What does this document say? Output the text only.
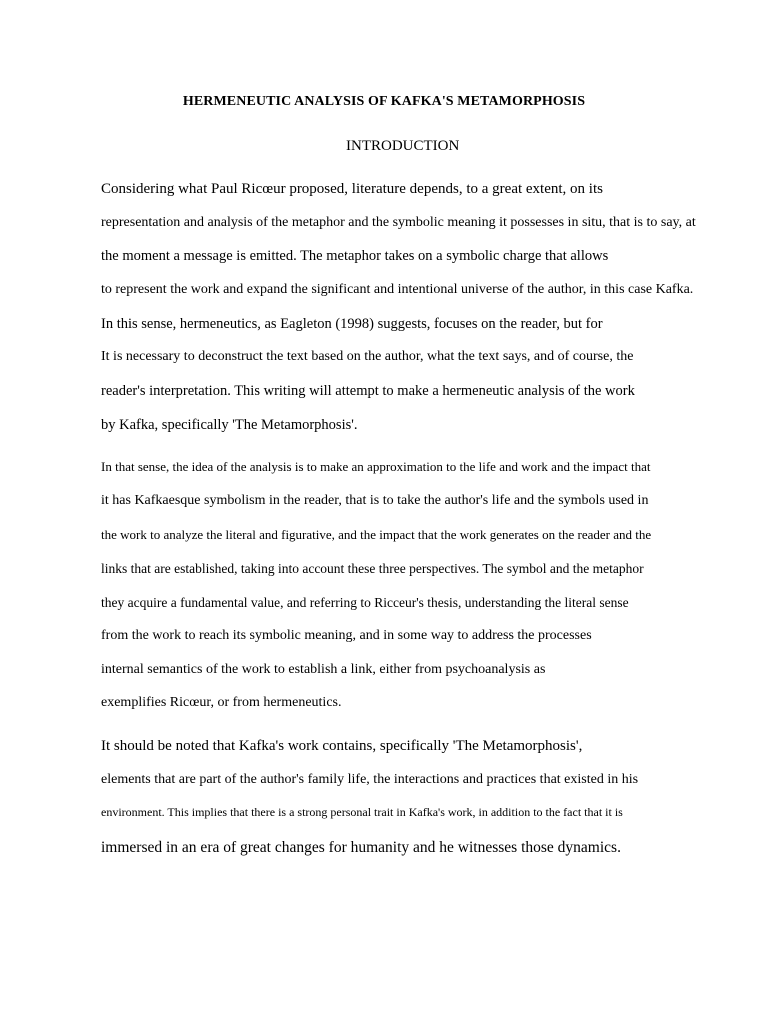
HERMENEUTIC ANALYSIS OF KAFKA'S METAMORPHOSIS
INTRODUCTION
Considering what Paul Ricœur proposed, literature depends, to a great extent, on its
representation and analysis of the metaphor and the symbolic meaning it possesses in situ, that is to say, at
the moment a message is emitted. The metaphor takes on a symbolic charge that allows
to represent the work and expand the significant and intentional universe of the author, in this case Kafka.
In this sense, hermeneutics, as Eagleton (1998) suggests, focuses on the reader, but for
It is necessary to deconstruct the text based on the author, what the text says, and of course, the
reader's interpretation. This writing will attempt to make a hermeneutic analysis of the work
by Kafka, specifically 'The Metamorphosis'.
In that sense, the idea of the analysis is to make an approximation to the life and work and the impact that
it has Kafkaesque symbolism in the reader, that is to take the author's life and the symbols used in
the work to analyze the literal and figurative, and the impact that the work generates on the reader and the
links that are established, taking into account these three perspectives. The symbol and the metaphor
they acquire a fundamental value, and referring to Ricceur's thesis, understanding the literal sense
from the work to reach its symbolic meaning, and in some way to address the processes
internal semantics of the work to establish a link, either from psychoanalysis as
exemplifies Ricœur, or from hermeneutics.
It should be noted that Kafka's work contains, specifically 'The Metamorphosis',
elements that are part of the author's family life, the interactions and practices that existed in his
environment. This implies that there is a strong personal trait in Kafka's work, in addition to the fact that it is
immersed in an era of great changes for humanity and he witnesses those dynamics.
